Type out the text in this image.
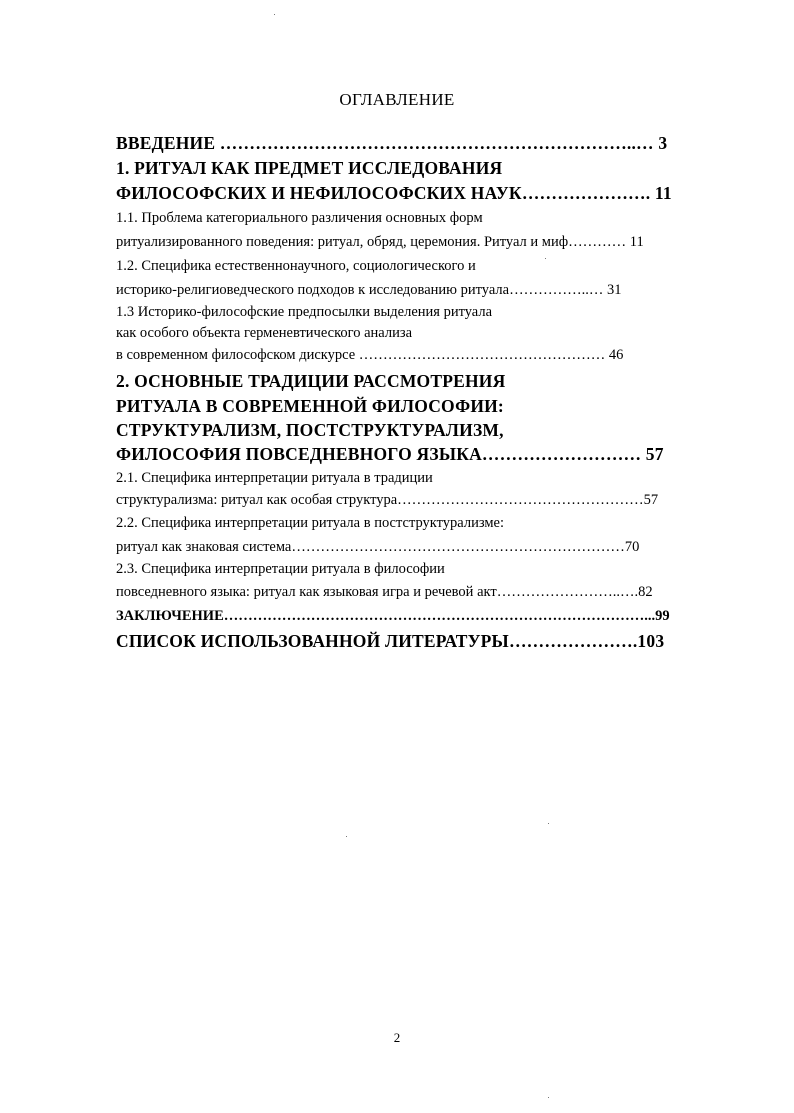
ОГЛАВЛЕНИЕ
ВВЕДЕНИЕ ……………………………………………………………..… 3
1. РИТУАЛ КАК ПРЕДМЕТ ИССЛЕДОВАНИЯ
ФИЛОСОФСКИХ И НЕФИЛОСОФСКИХ НАУК…………………. 11
1.1. Проблема категориального различения основных форм
ритуализированного поведения: ритуал, обряд, церемония. Ритуал и миф………… 11
1.2. Специфика естественнонаучного, социологического и
историко-религиоведческого подходов к исследованию ритуала……………..… 31
1.3 Историко-философские предпосылки выделения ритуала
как особого объекта герменевтического анализа
в современном философском дискурсе …………………………………………… 46
2. ОСНОВНЫЕ ТРАДИЦИИ РАССМОТРЕНИЯ
РИТУАЛА В СОВРЕМЕННОЙ ФИЛОСОФИИ:
СТРУКТУРАЛИЗМ, ПОСТСТРУКТУРАЛИЗМ,
ФИЛОСОФИЯ ПОВСЕДНЕВНОГО ЯЗЫКА……………………… 57
2.1. Специфика интерпретации ритуала в традиции
структурализма: ритуал как особая структура……………………………………………57
2.2. Специфика интерпретации ритуала в постструктурализме:
ритуал как знаковая система……………………………………………………………70
2.3. Специфика интерпретации ритуала в философии
повседневного языка: ритуал как языковая игра и речевой акт……………………..….82
ЗАКЛЮЧЕНИЕ……………………………………………………………………………...99
СПИСОК ИСПОЛЬЗОВАННОЙ ЛИТЕРАТУРЫ………………….103
2
